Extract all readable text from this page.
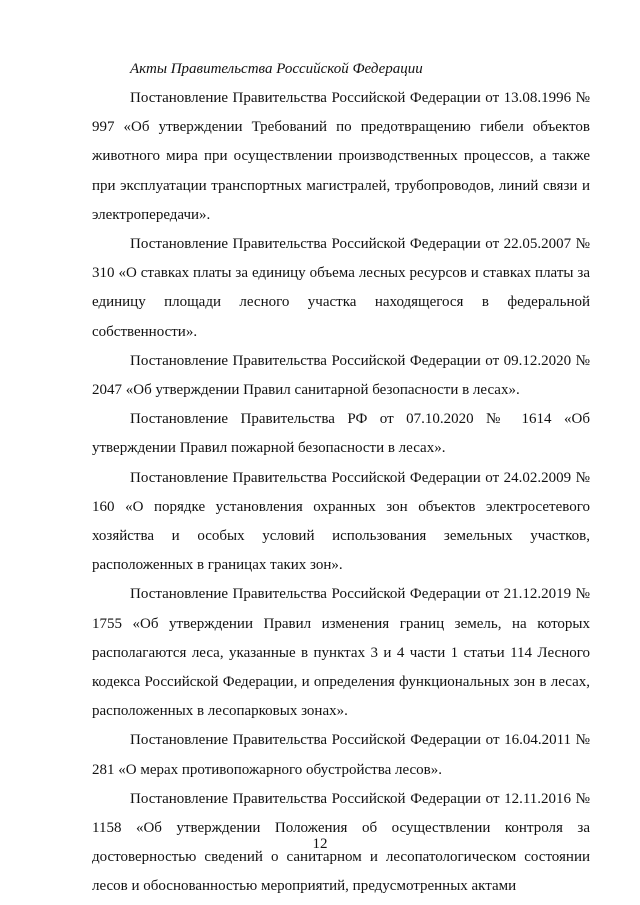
Акты Правительства Российской Федерации

Постановление Правительства Российской Федерации от 13.08.1996 № 997 «Об утверждении Требований по предотвращению гибели объектов животного мира при осуществлении производственных процессов, а также при эксплуатации транспортных магистралей, трубопроводов, линий связи и электропередачи».

Постановление Правительства Российской Федерации от 22.05.2007 № 310 «О ставках платы за единицу объема лесных ресурсов и ставках платы за единицу площади лесного участка находящегося в федеральной собственности».

Постановление Правительства Российской Федерации от 09.12.2020 № 2047 «Об утверждении Правил санитарной безопасности в лесах».

Постановление Правительства РФ от 07.10.2020 № 1614 «Об утверждении Правил пожарной безопасности в лесах».

Постановление Правительства Российской Федерации от 24.02.2009 № 160 «О порядке установления охранных зон объектов электросетевого хозяйства и особых условий использования земельных участков, расположенных в границах таких зон».

Постановление Правительства Российской Федерации от 21.12.2019 № 1755 «Об утверждении Правил изменения границ земель, на которых располагаются леса, указанные в пунктах 3 и 4 части 1 статьи 114 Лесного кодекса Российской Федерации, и определения функциональных зон в лесах, расположенных в лесопарковых зонах».

Постановление Правительства Российской Федерации от 16.04.2011 № 281 «О мерах противопожарного обустройства лесов».

Постановление Правительства Российской Федерации от 12.11.2016 № 1158 «Об утверждении Положения об осуществлении контроля за достоверностью сведений о санитарном и лесопатологическом состоянии лесов и обоснованностью мероприятий, предусмотренных актами

12
